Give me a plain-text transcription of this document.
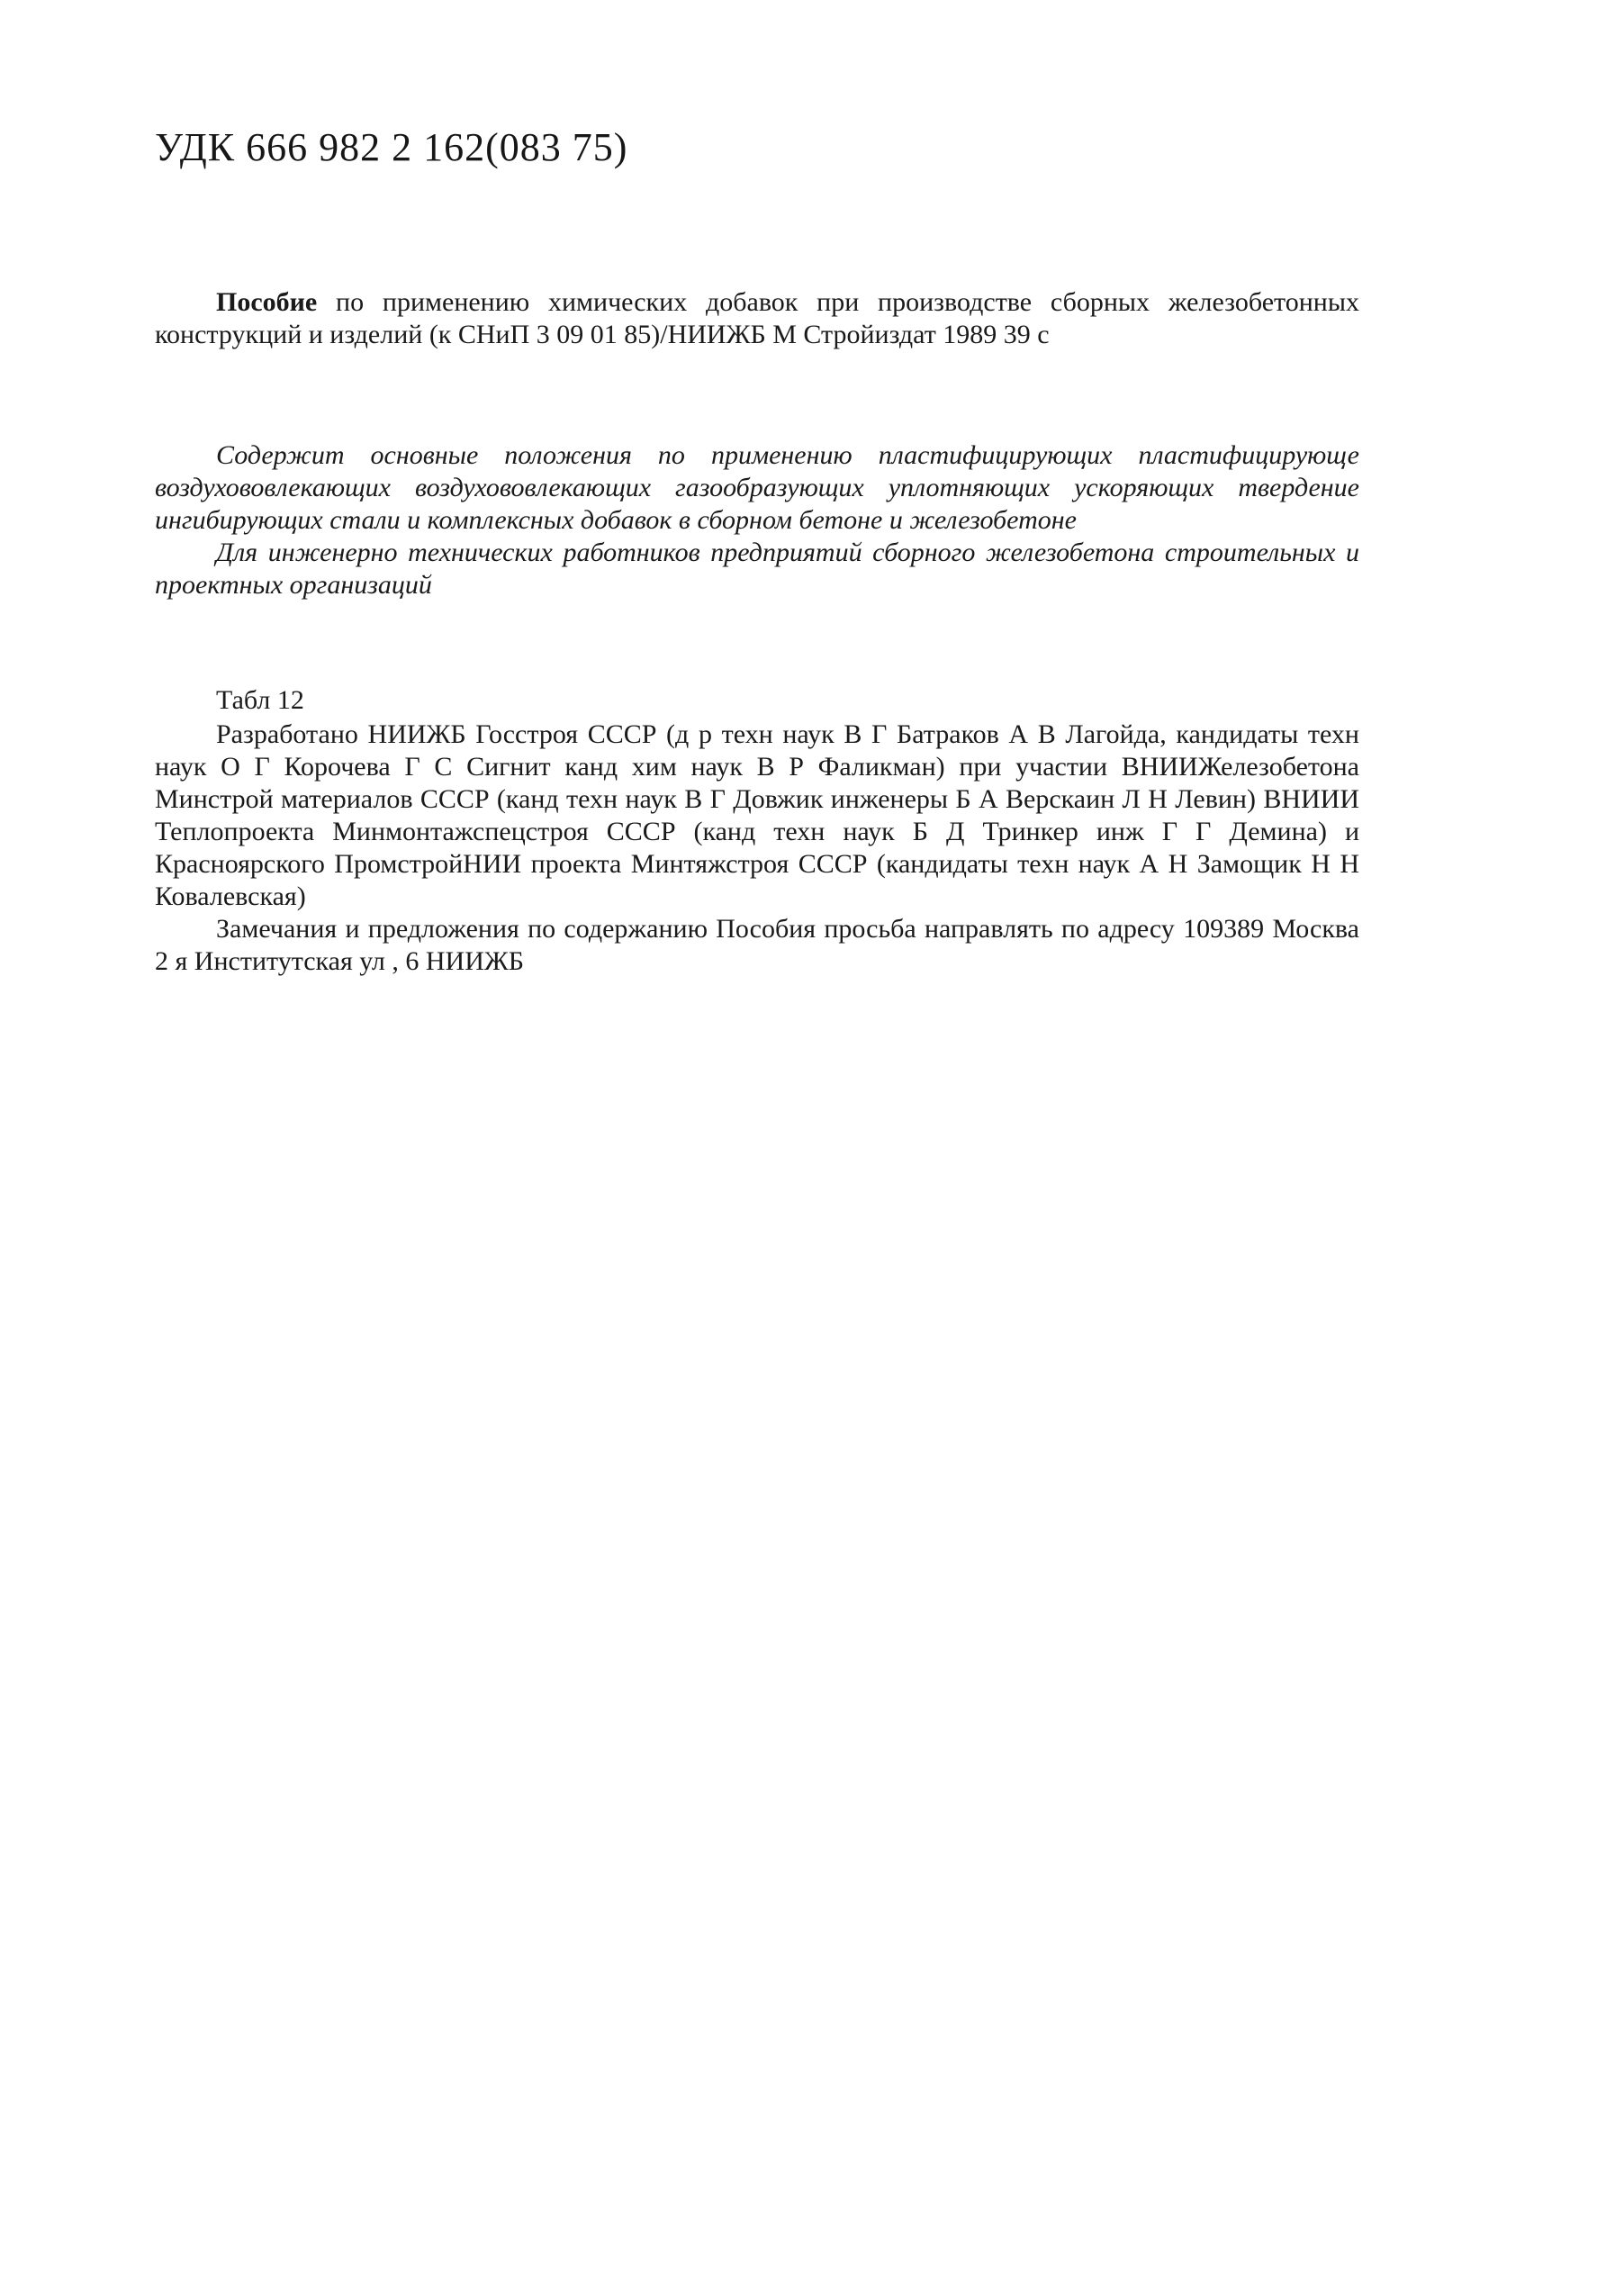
УДК 666 982 2 162(083 75)

Пособие по применению химических добавок при производстве сборных железобетонных конструкций и изделий (к СНиП 3 09 01 85)/НИИЖБ М Стройиздат 1989 39 с

Содержит основные положения по применению пластифицирующих пластифицирующе воздухововлекающих воздухововлекающих газообразующих уплотняющих ускоряющих твердение ингибирующих стали и комплексных добавок в сборном бетоне и железобетоне

Для инженерно технических работников предприятий сборного железобетона строительных и проектных организаций

Табл 12

Разработано НИИЖБ Госстроя СССР (д р техн наук В Г Батраков А В Лагойда, кандидаты техн наук О Г Корочева Г С Сигнит канд хим наук В Р Фаликман) при участии ВНИИЖелезобетона Минстрой материалов СССР (канд техн наук В Г Довжик инженеры Б А Верскаин Л Н Левин) ВНИИИ Теплопроекта Минмонтажспецстроя СССР (канд техн наук Б Д Тринкер инж Г Г Демина) и Красноярского ПромстройНИИ проекта Минтяжстроя СССР (кандидаты техн наук А Н Замощик Н Н Ковалевская)

Замечания и предложения по содержанию Пособия просьба направлять по адресу 109389 Москва 2 я Институтская ул , 6 НИИЖБ
